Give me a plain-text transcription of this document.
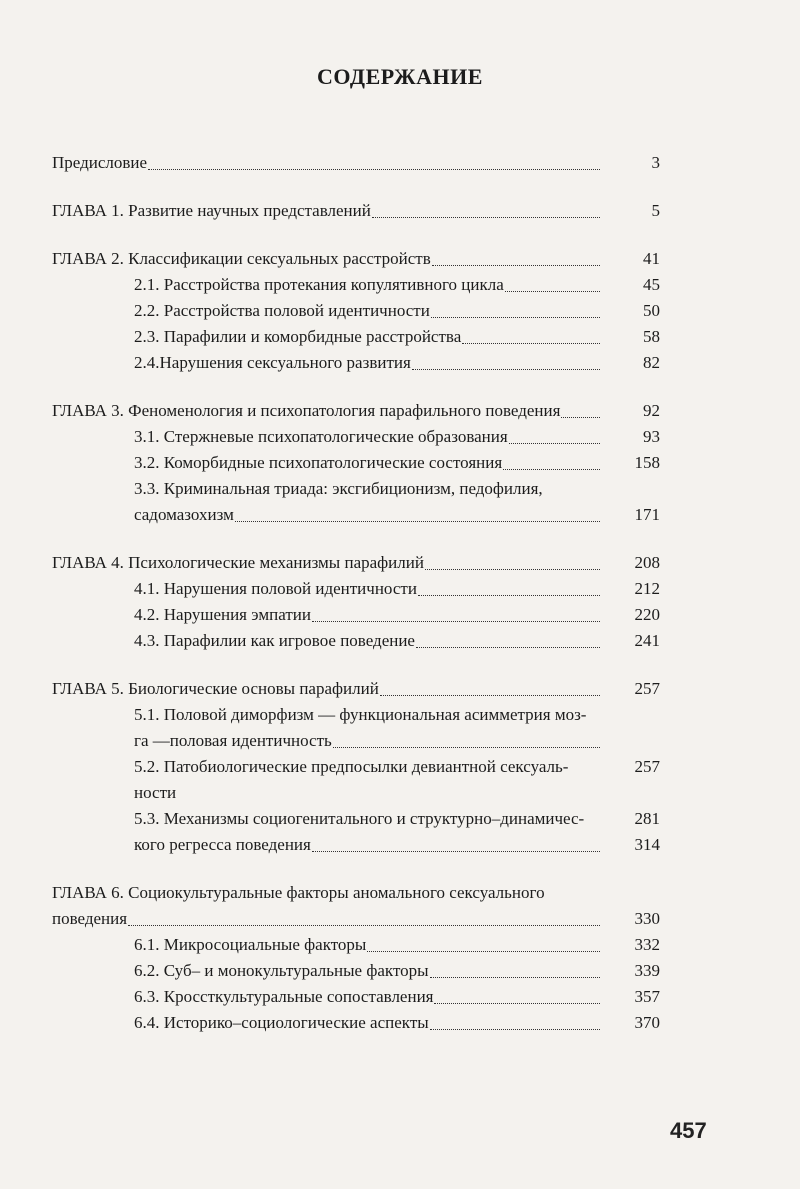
СОДЕРЖАНИЕ
Предисловие	3
ГЛАВА 1. Развитие научных представлений	5
ГЛАВА 2. Классификации сексуальных расстройств	41
2.1. Расстройства протекания копулятивного цикла	45
2.2. Расстройства половой идентичности	50
2.3. Парафилии и коморбидные расстройства	58
2.4.Нарушения сексуального развития	82
ГЛАВА 3. Феноменология и психопатология парафильного поведения	92
3.1. Стержневые психопатологические образования	93
3.2. Коморбидные психопатологические состояния	158
3.3. Криминальная триада: эксгибиционизм, педофилия,
садомазохизм	171
ГЛАВА 4. Психологические механизмы парафилий	208
4.1. Нарушения половой идентичности	212
4.2. Нарушения эмпатии	220
4.3. Парафилии как игровое поведение	241
ГЛАВА 5. Биологические основы парафилий	257
5.1. Половой диморфизм — функциональная асимметрия моз-
га —половая идентичность
5.2. Патобиологические предпосылки девиантной сексуаль-	257
ности
5.3. Механизмы социогенитального и структурно–динамичес-	281
кого регресса поведения	314
ГЛАВА 6. Социокультуральные факторы аномального сексуального
поведения	330
6.1. Микросоциальные факторы	332
6.2. Суб– и монокультуральные факторы	339
6.3. Кроссткультуральные сопоставления	357
6.4. Историко–социологические аспекты	370
457
